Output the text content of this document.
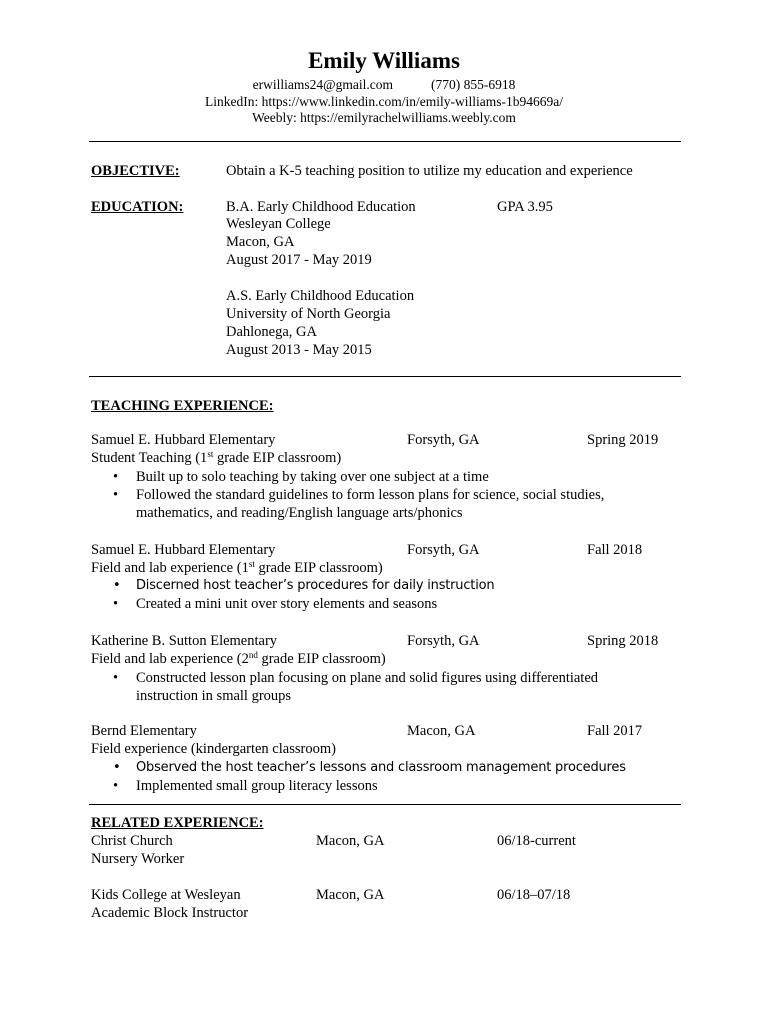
Emily Williams
erwilliams24@gmail.com	(770) 855-6918
LinkedIn: https://www.linkedin.com/in/emily-williams-1b94669a/
Weebly: https://emilyrachelwilliams.weebly.com
OBJECTIVE:	Obtain a K-5 teaching position to utilize my education and experience
EDUCATION:	B.A. Early Childhood Education	GPA 3.95
Wesleyan College
Macon, GA
August 2017 - May 2019
A.S. Early Childhood Education
University of North Georgia
Dahlonega, GA
August 2013 - May 2015
TEACHING EXPERIENCE:
Samuel E. Hubbard Elementary	Forsyth, GA	Spring 2019
Student Teaching (1st grade EIP classroom)
• Built up to solo teaching by taking over one subject at a time
• Followed the standard guidelines to form lesson plans for science, social studies, mathematics, and reading/English language arts/phonics
Samuel E. Hubbard Elementary	Forsyth, GA	Fall 2018
Field and lab experience (1st grade EIP classroom)
• Discerned host teacher’s procedures for daily instruction
• Created a mini unit over story elements and seasons
Katherine B. Sutton Elementary	Forsyth, GA	Spring 2018
Field and lab experience (2nd grade EIP classroom)
• Constructed lesson plan focusing on plane and solid figures using differentiated instruction in small groups
Bernd Elementary	Macon, GA	Fall 2017
Field experience (kindergarten classroom)
• Observed the host teacher’s lessons and classroom management procedures
• Implemented small group literacy lessons
RELATED EXPERIENCE:
Christ Church	Macon, GA	06/18-current
Nursery Worker
Kids College at Wesleyan	Macon, GA	06/18–07/18
Academic Block Instructor
